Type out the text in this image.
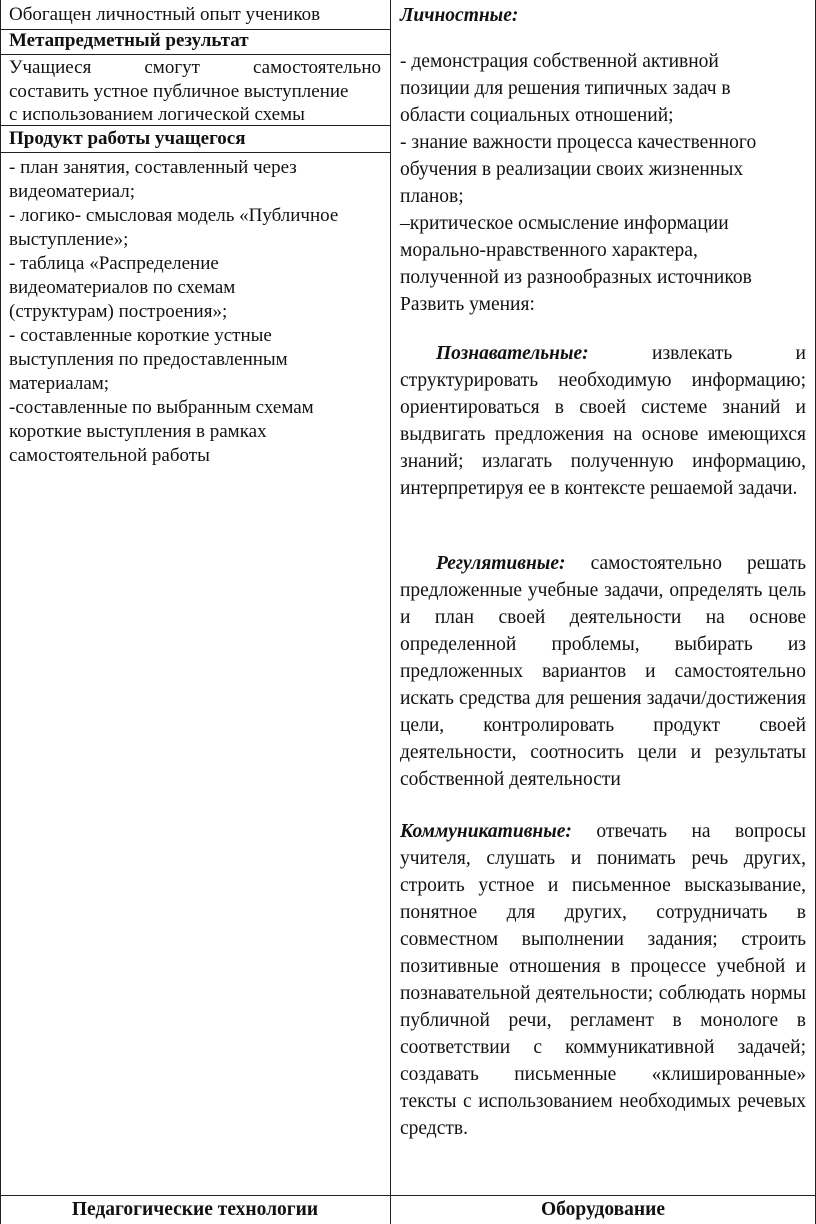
Обогащен личностный опыт учеников
Метапредметный результат
Учащиеся смогут самостоятельно
составить устное публичное выступление
с использованием логической схемы
Продукт работы учащегося
- план занятия, составленный через
видеоматериал;
- логико- смысловая модель «Публичное
выступление»;
- таблица «Распределение
видеоматериалов по схемам
(структурам) построения»;
- составленные короткие устные
выступления по предоставленным
материалам;
-составленные по выбранным схемам
короткие выступления в рамках
самостоятельной работы
Личностные:
- демонстрация собственной активной
позиции для решения типичных задач в
области социальных отношений;
- знание важности процесса качественного
обучения в реализации своих жизненных
планов;
–критическое осмысление информации
морально-нравственного характера,
полученной из разнообразных источников
Развить умения:
Познавательные:	извлекать и структурировать необходимую информацию; ориентироваться в своей системе знаний и выдвигать предложения на основе имеющихся знаний; излагать полученную информацию, интерпретируя ее в контексте решаемой задачи.
Регулятивные: самостоятельно решать предложенные учебные задачи, определять цель и план своей деятельности на основе определенной проблемы, выбирать из предложенных вариантов и самостоятельно искать средства для решения задачи/достижения цели, контролировать продукт своей деятельности, соотносить цели и результаты собственной деятельности
Коммуникативные: отвечать на вопросы учителя, слушать и понимать речь других, строить устное и письменное высказывание, понятное для других, сотрудничать в совместном выполнении задания; строить позитивные отношения в процессе учебной и познавательной деятельности; соблюдать нормы публичной речи, регламент в монологе в соответствии с коммуникативной задачей; создавать письменные «клишированные» тексты с использованием необходимых речевых средств.
Педагогические технологии	Оборудование
